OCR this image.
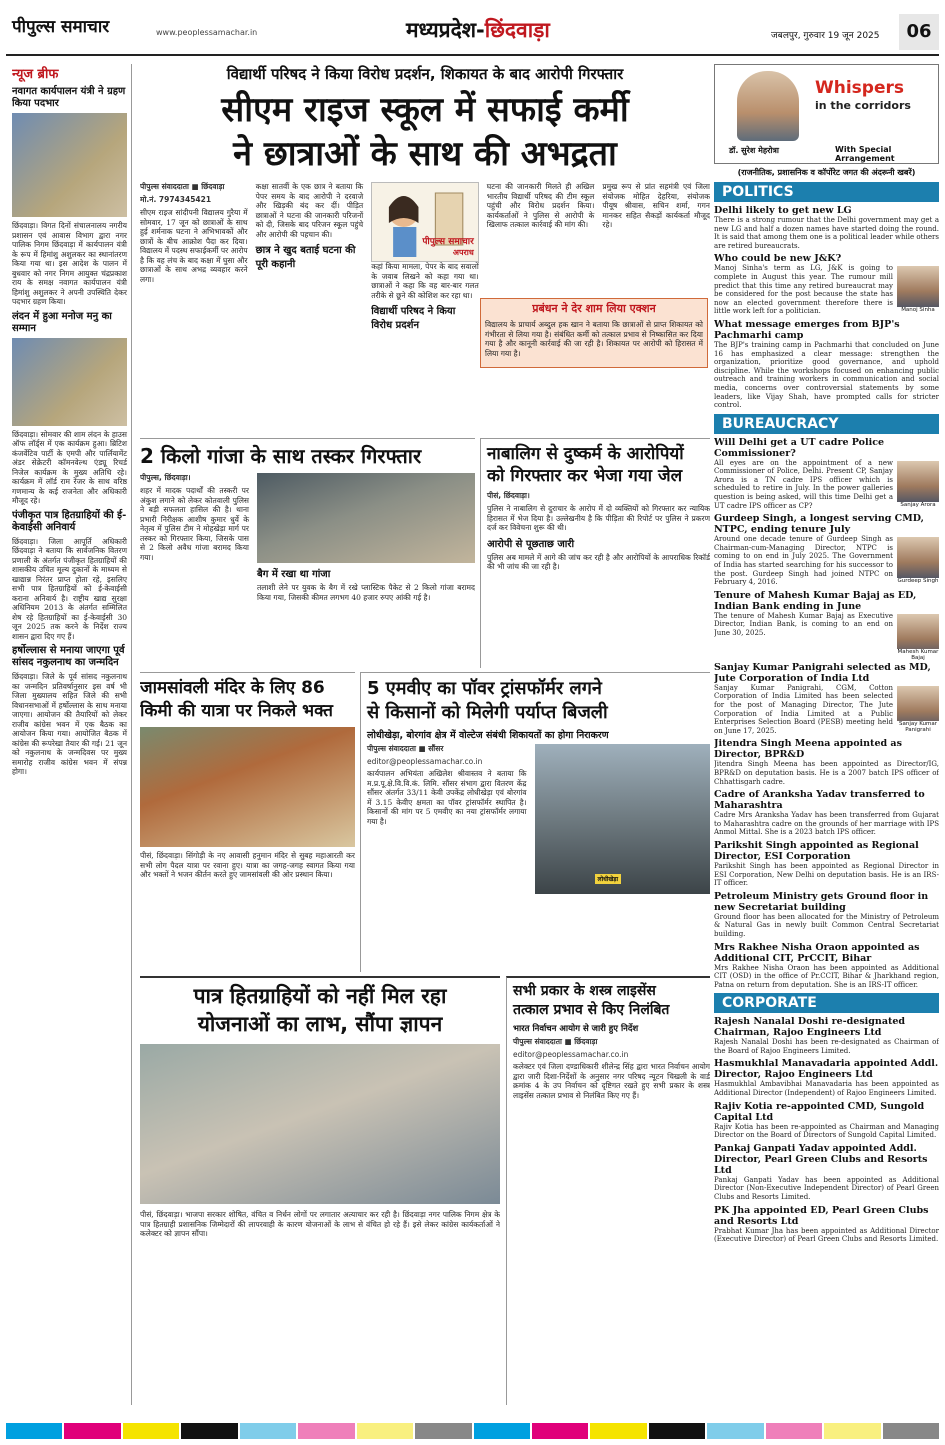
पीपुल्स समाचार	www.peoplessamachar.in	मध्यप्रदेश-छिंदवाड़ा	जबलपुर, गुरुवार 19 जून 2025	06
न्यूज ब्रीफ
नवागत कार्यपालन यंत्री ने ग्रहण किया पदभार
छिंदवाड़ा। विगत दिनों संचालनालय नगरीय प्रशासन एवं आवास विभाग द्वारा नगर पालिक निगम छिंदवाड़ा में कार्यपालन यंत्री के रूप में हिमांशु अशुलकर का स्थानांतरण किया गया था। इस आदेश के पालन में बुधवार को नगर निगम आयुक्त चंद्रप्रकाश राय के समक्ष नवागत कार्यपालन यंत्री हिमांशु अशुलकर ने अपनी उपस्थिति देकर पदभार ग्रहण किया।
लंदन में हुआ मनोज मनु का सम्मान
छिंदवाड़ा। सोमवार की शाम लंदन के हाउस ऑफ लॉर्ड्स में एक कार्यक्रम हुआ। ब्रिटिश कंजर्वेटिव पार्टी के एमपी और पार्लियामेंट अंडर सेक्रेटरी कॉमनवेल्थ एंड्यू रिचर्ड निजेल कार्यक्रम के मुख्य अतिथि रहे। कार्यक्रम में लॉर्ड राम रेंजर के साथ वरिष्ठ गणमान्य के कई राजनेता और अधिकारी मौजूद रहे।
पंजीकृत पात्र हितग्राहियों की ई-केवाईसी अनिवार्य
छिंदवाड़ा। जिला आपूर्ति अधिकारी छिंदवाड़ा ने बताया कि सार्वजनिक वितरण प्रणाली के अंतर्गत पंजीकृत हितग्राहियों की शासकीय उचित मूल्य दुकानों के माध्यम से खाद्यान्न निरंतर प्राप्त होता रहे, इसलिए सभी पात्र हितग्राहियों को ई-केवाईसी कराना अनिवार्य है। राष्ट्रीय खाद्य सुरक्षा अधिनियम 2013 के अंतर्गत सम्मिलित शेष रहे हितग्राहियों का ई-केवाईसी 30 जून 2025 तक करने के निर्देश राज्य शासन द्वारा दिए गए हैं।
हर्षोल्लास से मनाया जाएगा पूर्व सांसद नकुलनाथ का जन्मदिन
छिंदवाड़ा। जिले के पूर्व सांसद नकुलनाथ का जन्मदिन प्रतिवर्षानुसार इस वर्ष भी जिला मुख्यालय सहित जिले की सभी विधानसभाओं में हर्षोल्लास के साथ मनाया जाएगा। आयोजन की तैयारियों को लेकर राजीव कांग्रेस भवन में एक बैठक का आयोजन किया गया। आयोजित बैठक में कांग्रेस की रूपरेखा तैयार की गई। 21 जून को नकुलनाथ के जन्मदिवस पर मुख्य समारोह राजीव कांग्रेस भवन में संपन्न होगा।
विद्यार्थी परिषद ने किया विरोध प्रदर्शन, शिकायत के बाद आरोपी गिरफ्तार
सीएम राइज स्कूल में सफाई कर्मी
ने छात्राओं के साथ की अभद्रता
पीपुल्स संवाददाता ■ छिंदवाड़ा
मो.नं. 7974345421
सीएम राइज सांदीपनी विद्यालय गुरैया में सोमवार, 17 जून को छात्राओं के साथ हुई शर्मनाक घटना ने अभिभावकों और छात्रों के बीच आक्रोश पैदा कर दिया। विद्यालय में पदस्थ सफाईकर्मी पर आरोप है कि वह लंच के बाद कक्षा में घुसा और छात्राओं के साथ अभद्र व्यवहार करने लगा।
कक्षा सातवीं के एक छात्र ने बताया कि पेपर समय के बाद आरोपी ने दरवाजे और खिड़की बंद कर दीं। पीड़ित छात्राओं ने घटना की जानकारी परिजनों को दी, जिसके बाद परिजन स्कूल पहुंचे और आरोपी की पहचान की।
छात्र ने खुद बताई घटना की पूरी कहानी
पीपुल्स समाचार
अपराध
कहां किया मामला, पेपर के बाद सवालों के जवाब लिखने को कहा गया था। छात्राओं ने कहा कि वह बार-बार गलत तरीके से छूने की कोशिश कर रहा था।
विद्यार्थी परिषद ने किया विरोध प्रदर्शन
घटना की जानकारी मिलते ही अखिल भारतीय विद्यार्थी परिषद की टीम स्कूल पहुंची और विरोध प्रदर्शन किया। कार्यकर्ताओं ने पुलिस से आरोपी के खिलाफ तत्काल कार्रवाई की मांग की।
प्रमुख रूप से प्रांत सहमंत्री एवं जिला संयोजक मोहित देहरिया, संयोजक पीयूष श्रीवास, सचिन शर्मा, गगन मानकर सहित सैकड़ों कार्यकर्ता मौजूद रहे।
प्रबंधन ने देर शाम लिया एक्शन
विद्यालय के प्राचार्य अब्दुल हक खान ने बताया कि छात्राओं से प्राप्त शिकायत को गंभीरता से लिया गया है। संबंधित कर्मी को तत्काल प्रभाव से निष्कासित कर दिया गया है और कानूनी कार्रवाई की जा रही है। शिकायत पर आरोपी को हिरासत में लिया गया है।
2 किलो गांजा के साथ तस्कर गिरफ्तार
पीपुल्स, छिंदवाड़ा।
शहर में मादक पदार्थों की तस्करी पर अंकुश लगाने को लेकर कोतवाली पुलिस ने बड़ी सफलता हासिल की है। थाना प्रभारी निरीक्षक आशीष कुमार धुर्वे के नेतृत्व में पुलिस टीम ने मोहखेड़ा मार्ग पर तस्कर को गिरफ्तार किया, जिसके पास से 2 किलो अवैध गांजा बरामद किया गया।
बैग में रखा था गांजा
तलाशी लेने पर युवक के बैग में रखे प्लास्टिक पैकेट से 2 किलो गांजा बरामद किया गया, जिसकी कीमत लगभग 40 हजार रुपए आंकी गई है।
नाबालिग से दुष्कर्म के आरोपियों
को गिरफ्तार कर भेजा गया जेल
पीसं, छिंदवाड़ा।
पुलिस ने नाबालिग से दुराचार के आरोप में दो व्यक्तियों को गिरफ्तार कर न्यायिक हिरासत में भेज दिया है। उल्लेखनीय है कि पीड़िता की रिपोर्ट पर पुलिस ने प्रकरण दर्ज कर विवेचना शुरू की थी।
आरोपी से पूछताछ जारी
पुलिस अब मामले में आगे की जांच कर रही है और आरोपियों के आपराधिक रिकॉर्ड की भी जांच की जा रही है।
जामसांवली मंदिर के लिए 86
किमी की यात्रा पर निकले भक्त
पीसं, छिंदवाड़ा। सिंगोड़ी के नए आवासी हनुमान मंदिर से सुबह महाआरती कर सभी लोग पैदल यात्रा पर रवाना हुए। यात्रा का जगह-जगह स्वागत किया गया और भक्तों ने भजन कीर्तन करते हुए जामसांवली की ओर प्रस्थान किया।
5 एमवीए का पॉवर ट्रांसफॉर्मर लगने
से किसानों को मिलेगी पर्याप्त बिजली
लोधीखेड़ा, बोरगांव क्षेत्र में वोल्टेज संबंधी शिकायतों का होगा निराकरण
पीपुल्स संवाददाता ■ सौंसर
editor@peoplessamachar.co.in
कार्यपालन अभियंता अखिलेश श्रीवास्तव ने बताया कि म.प्र.पू.क्षे.वि.वि.कं. लिमि. सौंसर संभाग द्वारा वितरण केंद्र सौंसर अंतर्गत 33/11 केवी उपकेंद्र लोधीखेड़ा एवं बोरगांव में 3.15 केवीए क्षमता का पॉवर ट्रांसफॉर्मर स्थापित है। किसानों की मांग पर 5 एमवीए का नया ट्रांसफॉर्मर लगाया गया है।
लोधीखेड़ा
पात्र हितग्राहियों को नहीं मिल रहा
योजनाओं का लाभ, सौंपा ज्ञापन
पीसं, छिंदवाड़ा। भाजपा सरकार शोषित, वंचित व निर्धन लोगों पर लगातार अत्याचार कर रही है। छिंदवाड़ा नगर पालिक निगम क्षेत्र के पात्र हितग्राही प्रशासनिक जिम्मेदारों की लापरवाही के कारण योजनाओं के लाभ से वंचित हो रहे हैं। इसे लेकर कांग्रेस कार्यकर्ताओं ने कलेक्टर को ज्ञापन सौंपा।
सभी प्रकार के शस्त्र लाइसेंस
तत्काल प्रभाव से किए निलंबित
भारत निर्वाचन आयोग से जारी हुए निर्देश
पीपुल्स संवाददाता ■ छिंदवाड़ा
editor@peoplessamachar.co.in
कलेक्टर एवं जिला दण्डाधिकारी शीलेन्द्र सिंह द्वारा भारत निर्वाचन आयोग द्वारा जारी दिशा-निर्देशों के अनुसार नगर परिषद न्यूटन चिखली के वार्ड क्रमांक 4 के उप निर्वाचन को दृष्टिगत रखते हुए सभी प्रकार के शस्त्र लाइसेंस तत्काल प्रभाव से निलंबित किए गए हैं।
Whispers
in the corridors
डॉ. सुरेश मेहरोत्रा	With Special Arrangement
(राजनीतिक, प्रशासनिक व कॉर्पोरेट जगत की अंदरूनी खबरें)
POLITICS
Delhi likely to get new LG
There is a strong rumour that the Delhi government may get a new LG and half a dozen names have started doing the round. It is said that among them one is a political leader while others are retired bureaucrats.
Who could be new J&K?
Manoj Sinha
Manoj Sinha's term as LG, J&K is going to complete in August this year. The rumour mill predict that this time any retired bureaucrat may be considered for the post because the state has now an elected government therefore there is little work left for a politician.
What message emerges from BJP's Pachmarhi camp
The BJP's training camp in Pachmarhi that concluded on June 16 has emphasized a clear message: strengthen the organization, prioritize good governance, and uphold discipline. While the workshops focused on enhancing public outreach and training workers in communication and social media, concerns over controversial statements by some leaders, like Vijay Shah, have prompted calls for stricter control.
BUREAUCRACY
Will Delhi get a UT cadre Police Commissioner?
Sanjay Arora
All eyes are on the appointment of a new Commissioner of Police, Delhi. Present CP, Sanjay Arora is a TN cadre IPS officer which is scheduled to retire in July. In the power galleries question is being asked, will this time Delhi get a UT cadre IPS officer as CP?
Gurdeep Singh, a longest serving CMD, NTPC, ending tenure July
Gurdeep Singh
Around one decade tenure of Gurdeep Singh as Chairman-cum-Managing Director, NTPC is coming to on end in July 2025. The Government of India has started searching for his successor to the post. Gurdeep Singh had joined NTPC on February 4, 2016.
Tenure of Mahesh Kumar Bajaj as ED, Indian Bank ending in June
Mahesh Kumar Bajaj
The tenure of Mahesh Kumar Bajaj as Executive Director, Indian Bank, is coming to an end on June 30, 2025.
Sanjay Kumar Panigrahi selected as MD, Jute Corporation of India Ltd
Sanjay Kumar Panigrahi
Sanjay Kumar Panigrahi, CGM, Cotton Corporation of India Limited has been selected for the post of Managing Director, The Jute Corporation of India Limited at a Public Enterprises Selection Board (PESB) meeting held on June 17, 2025.
Jitendra Singh Meena appointed as Director, BPR&D
Jitendra Singh Meena has been appointed as Director/IG, BPR&D on deputation basis. He is a 2007 batch IPS officer of Chhattisgarh cadre.
Cadre of Aranksha Yadav transferred to Maharashtra
Cadre Mrs Aranksha Yadav has been transferred from Gujarat to Maharashtra cadre on the grounds of her marriage with IPS Anmol Mittal. She is a 2023 batch IPS officer.
Parikshit Singh appointed as Regional Director, ESI Corporation
Parikshit Singh has been appointed as Regional Director in ESI Corporation, New Delhi on deputation basis. He is an IRS-IT officer.
Petroleum Ministry gets Ground floor in new Secretariat building
Ground floor has been allocated for the Ministry of Petroleum & Natural Gas in newly built Common Central Secretariat building.
Mrs Rakhee Nisha Oraon appointed as Additional CIT, PrCCIT, Bihar
Mrs Rakhee Nisha Oraon has been appointed as Additional CIT (OSD) in the office of Pr.CCIT, Bihar & Jharkhand region, Patna on return from deputation. She is an IRS-IT officer.
CORPORATE
Rajesh Nanalal Doshi re-designated Chairman, Rajoo Engineers Ltd
Rajesh Nanalal Doshi has been re-designated as Chairman of the Board of Rajoo Engineers Limited.
Hasmukhlal Manavadaria appointed Addl. Director, Rajoo Engineers Ltd
Hasmukhlal Ambavibhai Manavadaria has been appointed as Additional Director (Independent) of Rajoo Engineers Limited.
Rajiv Kotia re-appointed CMD, Sungold Capital Ltd
Rajiv Kotia has been re-appointed as Chairman and Managing Director on the Board of Directors of Sungold Capital Limited.
Pankaj Ganpati Yadav appointed Addl. Director, Pearl Green Clubs and Resorts Ltd
Pankaj Ganpati Yadav has been appointed as Additional Director (Non-Executive Independent Director) of Pearl Green Clubs and Resorts Limited.
PK Jha appointed ED, Pearl Green Clubs and Resorts Ltd
Prabhat Kumar Jha has been appointed as Additional Director (Executive Director) of Pearl Green Clubs and Resorts Limited.
